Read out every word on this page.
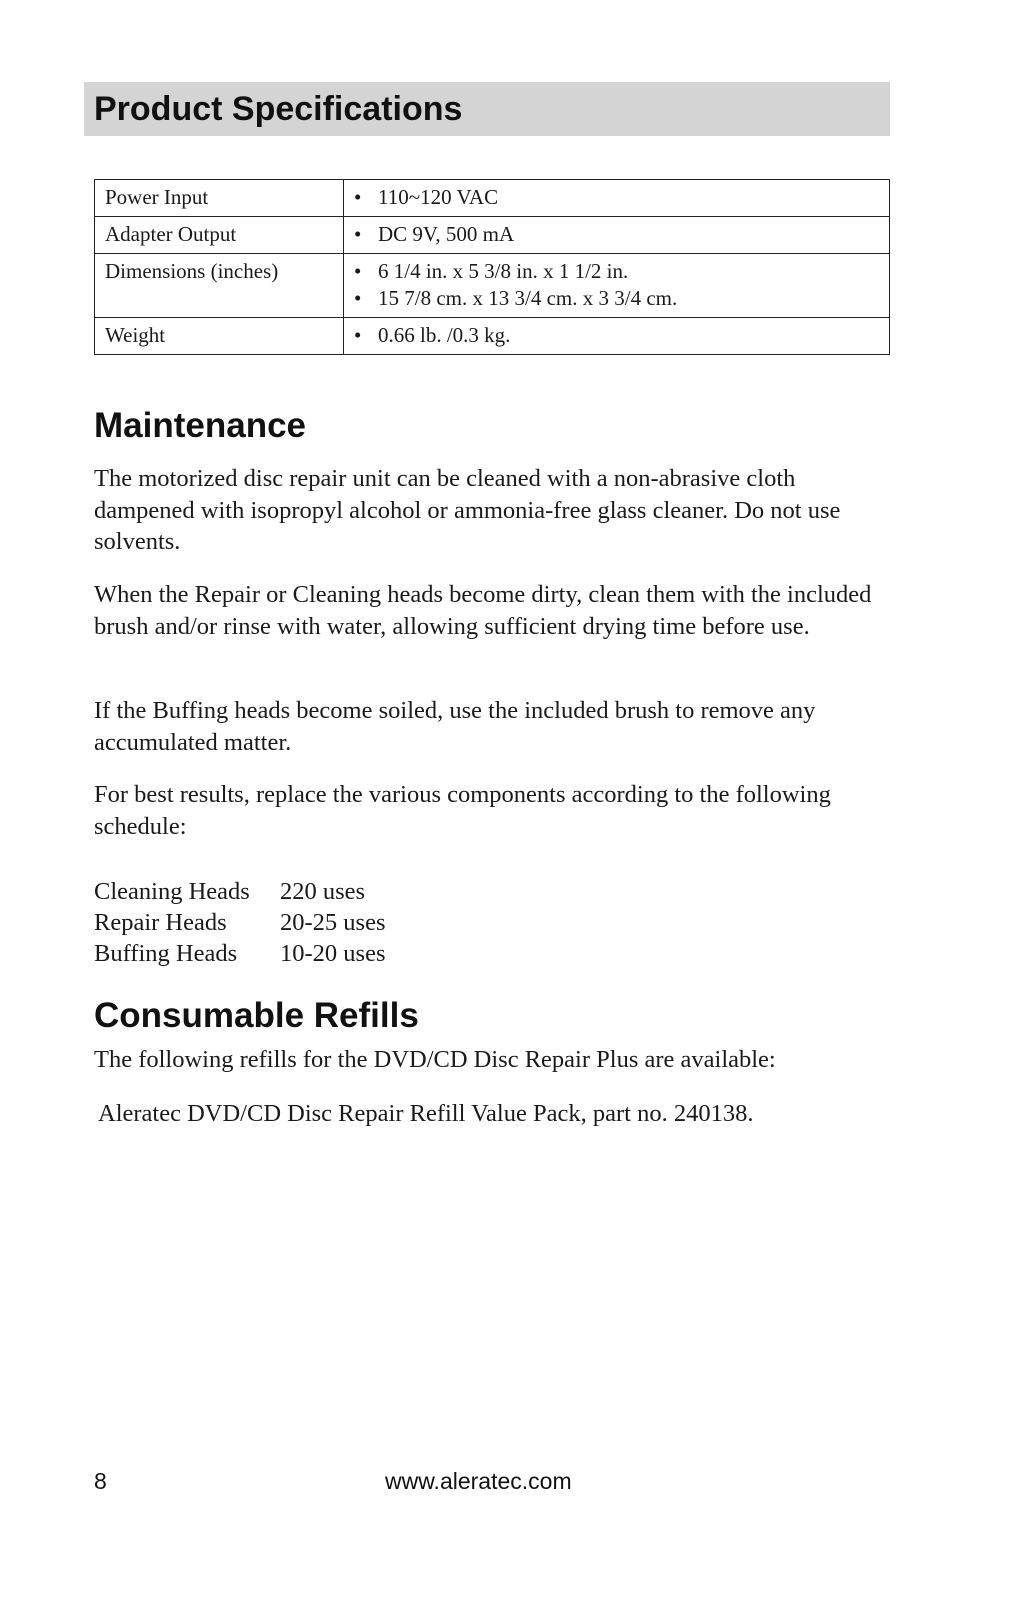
Product Specifications
Power Input	• 110~120 VAC

Adapter Output	• DC 9V, 500 mA

Dimensions (inches)	• 6 1/4 in. x 5 3/8 in. x 1 1/2 in.
• 15 7/8 cm. x 13 3/4 cm. x 3 3/4 cm.

Weight	• 0.66 lb. /0.3 kg.
Maintenance

The motorized disc repair unit can be cleaned with a non-abrasive cloth dampened with isopropyl alcohol or ammonia-free glass cleaner. Do not use solvents.

When the Repair or Cleaning heads become dirty, clean them with the included brush and/or rinse with water, allowing sufficient drying time before use.

If the Buffing heads become soiled, use the included brush to remove any accumulated matter.

For best results, replace the various components according to the following schedule:

Cleaning Heads	220 uses
Repair Heads	20-25 uses
Buffing Heads	10-20 uses
Consumable Refills

The following refills for the DVD/CD Disc Repair Plus are available:

Aleratec DVD/CD Disc Repair Refill Value Pack, part no. 240138.

8	www.aleratec.com
